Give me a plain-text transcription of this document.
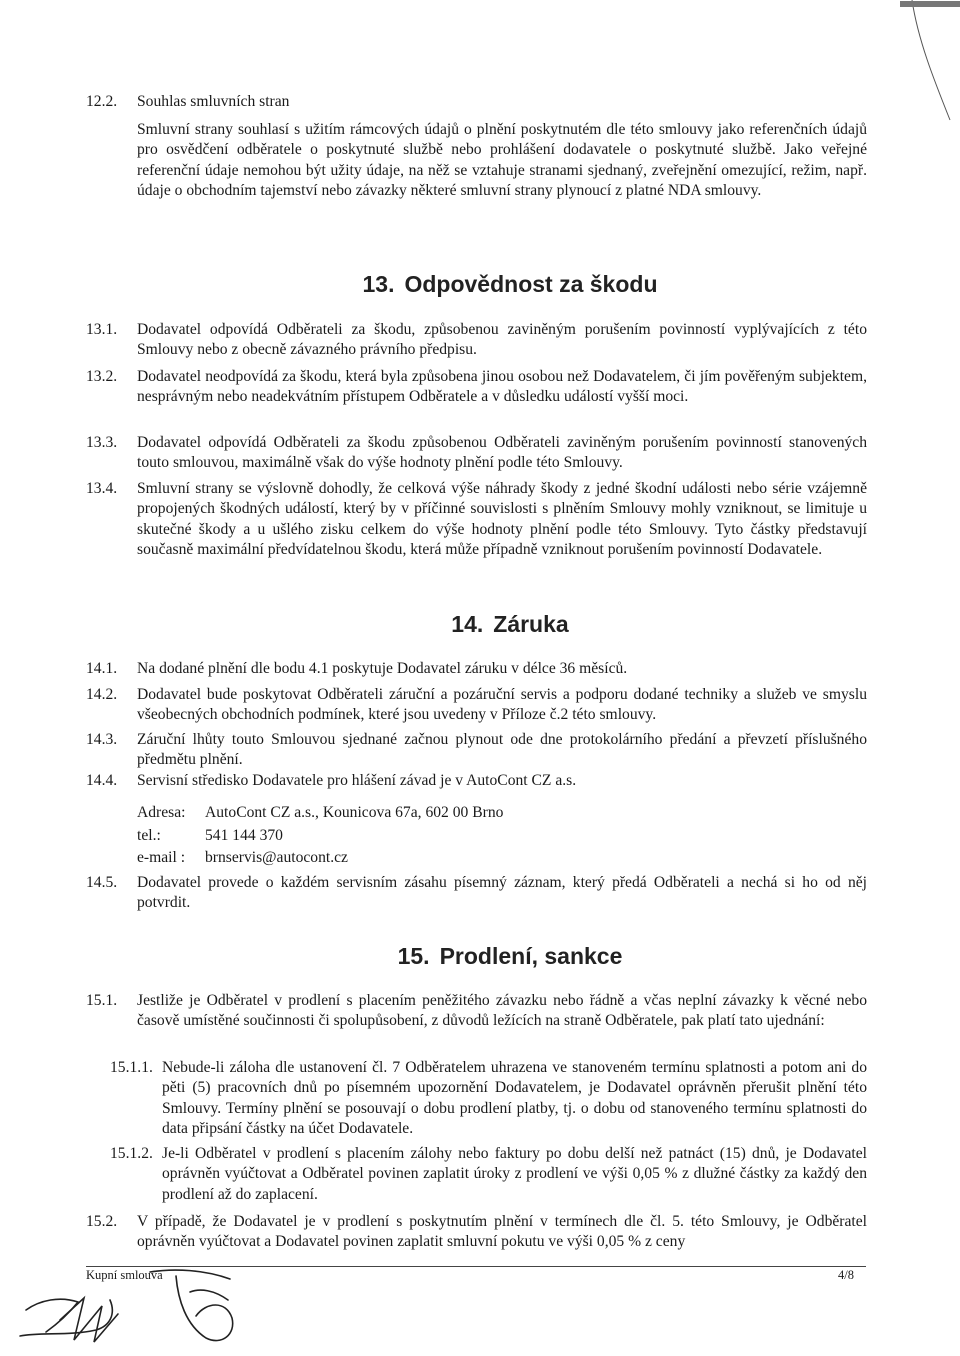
12.2. Souhlas smluvních stran

Smluvní strany souhlasí s užitím rámcových údajů o plnění poskytnutém dle této smlouvy jako referenčních údajů pro osvědčení odběratele o poskytnuté službě nebo prohlášení dodavatele o poskytnuté službě. Jako veřejné referenční údaje nemohou být užity údaje, na něž se vztahuje stranami sjednaný, zveřejnění omezující, režim, např. údaje o obchodním tajemství nebo závazky některé smluvní strany plynoucí z platné NDA smlouvy.

13. Odpovědnost za škodu
13.1. Dodavatel odpovídá Odběrateli za škodu, způsobenou zaviněným porušením povinností vyplývajících z této Smlouvy nebo z obecně závazného právního předpisu.

13.2. Dodavatel neodpovídá za škodu, která byla způsobena jinou osobou než Dodavatelem, či jím pověřeným subjektem, nesprávným nebo neadekvátním přístupem Odběratele a v důsledku událostí vyšší moci.

13.3. Dodavatel odpovídá Odběrateli za škodu způsobenou Odběrateli zaviněným porušením povinností stanovených touto smlouvou, maximálně však do výše hodnoty plnění podle této Smlouvy.

13.4. Smluvní strany se výslovně dohodly, že celková výše náhrady škody z jedné škodní události nebo série vzájemně propojených škodných událostí, který by v příčinné souvislosti s plněním Smlouvy mohly vzniknout, se limituje u skutečné škody a u ušlého zisku celkem do výše hodnoty plnění podle této Smlouvy. Tyto částky představují současně maximální předvídatelnou škodu, která může případně vzniknout porušením povinností Dodavatele.

14. Záruka
14.1. Na dodané plnění dle bodu 4.1 poskytuje Dodavatel záruku v délce 36 měsíců.

14.2. Dodavatel bude poskytovat Odběrateli záruční a pozáruční servis a podporu dodané techniky a služeb ve smyslu všeobecných obchodních podmínek, které jsou uvedeny v Příloze č.2 této smlouvy.

14.3. Záruční lhůty touto Smlouvou sjednané začnou plynout ode dne protokolárního předání a převzetí příslušného předmětu plnění.

14.4. Servisní středisko Dodavatele pro hlášení závad je v AutoCont CZ a.s.

Adresa: AutoCont CZ a.s., Kounicova 67a, 602 00 Brno
tel.:	541 144 370
e-mail : brnservis@autocont.cz
14.5. Dodavatel provede o každém servisním zásahu písemný záznam, který předá Odběrateli a nechá si ho od něj potvrdit.

15. Prodlení, sankce
15.1. Jestliže je Odběratel v prodlení s placením peněžitého závazku nebo řádně a včas neplní závazky k věcné nebo časově umístěné součinnosti či spolupůsobení, z důvodů ležících na straně Odběratele, pak platí tato ujednání:

15.1.1. Nebude-li záloha dle ustanovení čl. 7 Odběratelem uhrazena ve stanoveném termínu splatnosti a potom ani do pěti (5) pracovních dnů po písemném upozornění Dodavatelem, je Dodavatel oprávněn přerušit plnění této Smlouvy. Termíny plnění se posouvají o dobu prodlení platby, tj. o dobu od stanoveného termínu splatnosti do data připsání částky na účet Dodavatele.

15.1.2. Je-li Odběratel v prodlení s placením zálohy nebo faktury po dobu delší než patnáct (15) dnů, je Dodavatel oprávněn vyúčtovat a Odběratel povinen zaplatit úroky z prodlení ve výši 0,05 % z dlužné částky za každý den prodlení až do zaplacení.

15.2. V případě, že Dodavatel je v prodlení s poskytnutím plnění v termínech dle čl. 5. této Smlouvy, je Odběratel oprávněn vyúčtovat a Dodavatel povinen zaplatit smluvní pokutu ve výši 0,05 % z ceny

Kupní smlouva	4/8
